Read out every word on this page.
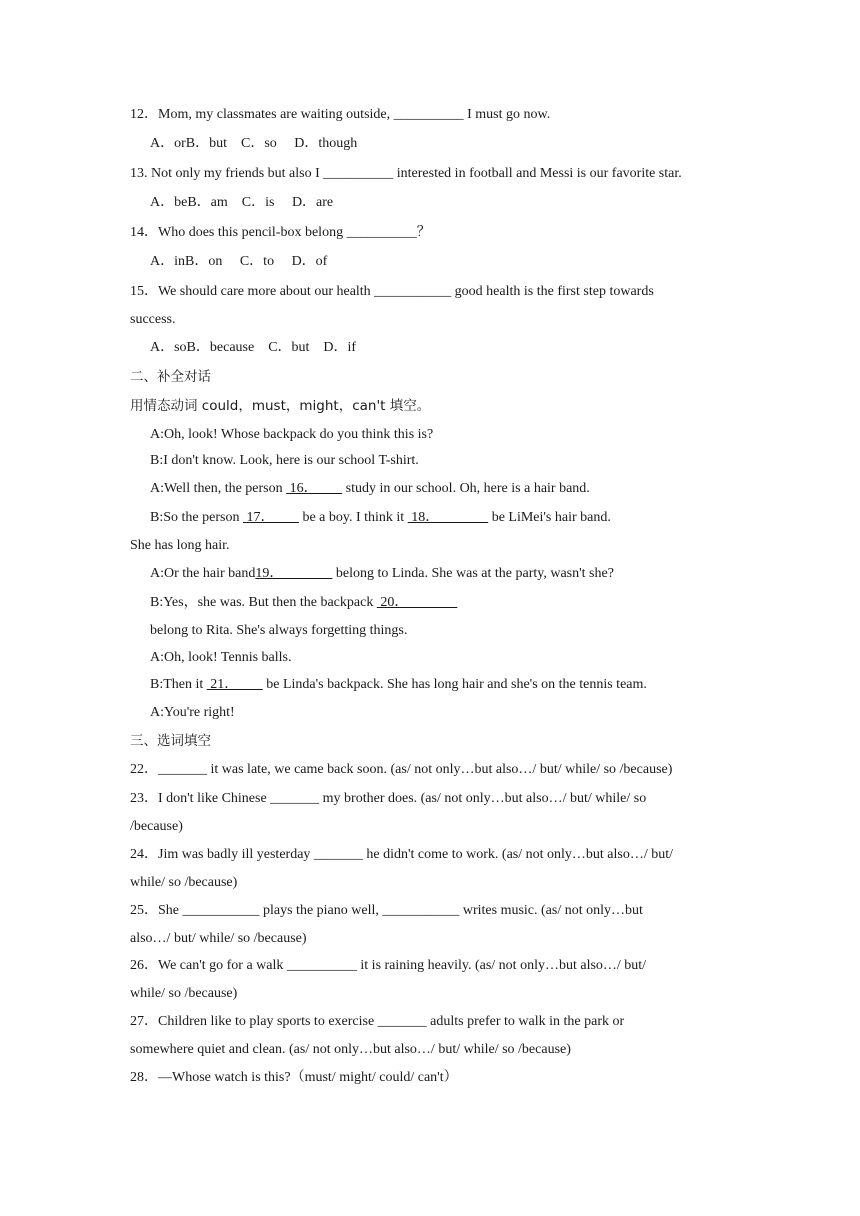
12．Mom, my classmates are waiting outside, __________ I must go now.
A．orB．but　C．so　 D．though
13. Not only my friends but also I __________ interested in football and Messi is our favorite star.
A．beB．am　C．is　 D．are
14．Who does this pencil-box belong __________？
A．inB．on　 C．to　 D．of
15．We should care more about our health ___________ good health is the first step towards
success.
A．soB．because　C．but　D．if
二、补全对话
用情态动词 could，must，might，can't 填空。
A:Oh, look! Whose backpack do you think this is?
B:I don't know. Look, here is our school T-shirt.
A:Well then, the person  16．        study in our school. Oh, here is a hair band.
B:So the person  17．        be a boy. I think it  18．               be LiMei's hair band.
She has long hair.
A:Or the hair band19．               belong to Linda. She was at the party, wasn't she?
B:Yes，she was. But then the backpack  20．
belong to Rita. She's always forgetting things.
A:Oh, look! Tennis balls.
B:Then it  21．        be Linda's backpack. She has long hair and she's on the tennis team.
A:You're right!
三、选词填空
22．_______ it was late, we came back soon. (as/ not only…but also…/ but/ while/ so /because)
23．I don't like Chinese _______ my brother does. (as/ not only…but also…/ but/ while/ so
/because)
24．Jim was badly ill yesterday _______ he didn't come to work. (as/ not only…but also…/ but/
while/ so /because)
25．She ___________ plays the piano well, ___________ writes music. (as/ not only…but
also…/ but/ while/ so /because)
26．We can't go for a walk __________ it is raining heavily. (as/ not only…but also…/ but/
while/ so /because)
27．Children like to play sports to exercise _______ adults prefer to walk in the park or
somewhere quiet and clean. (as/ not only…but also…/ but/ while/ so /because)
28．—Whose watch is this?（must/ might/ could/ can't）
